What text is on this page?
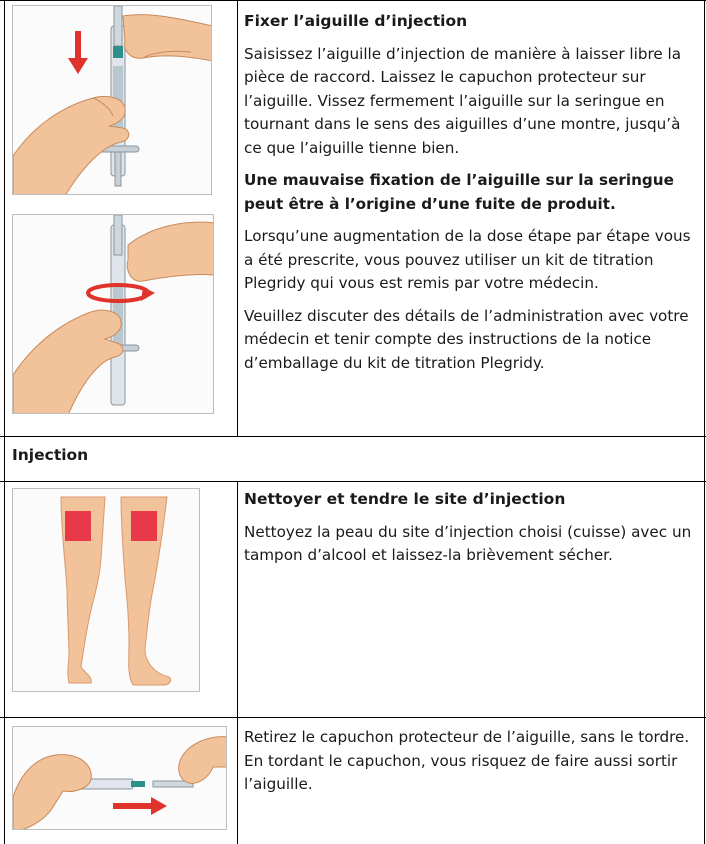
Fixer l’aiguille d’injection

Saisissez l’aiguille d’injection de manière à laisser libre la pièce de raccord. Laissez le capuchon protecteur sur l’aiguille. Vissez fermement l’aiguille sur la seringue en tournant dans le sens des aiguilles d’une montre, jusqu’à ce que l’aiguille tienne bien.

Une mauvaise fixation de l’aiguille sur la seringue peut être à l’origine d’une fuite de produit.

Lorsqu’une augmentation de la dose étape par étape vous a été prescrite, vous pouvez utiliser un kit de titration Plegridy qui vous est remis par votre médecin.

Veuillez discuter des détails de l’administration avec votre médecin et tenir compte des instructions de la notice d’emballage du kit de titration Plegridy.

Injection
Nettoyer et tendre le site d’injection

Nettoyez la peau du site d’injection choisi (cuisse) avec un tampon d’alcool et laissez-la brièvement sécher.

Retirez le capuchon protecteur de l’aiguille, sans le tordre. En tordant le capuchon, vous risquez de faire aussi sortir l’aiguille.
